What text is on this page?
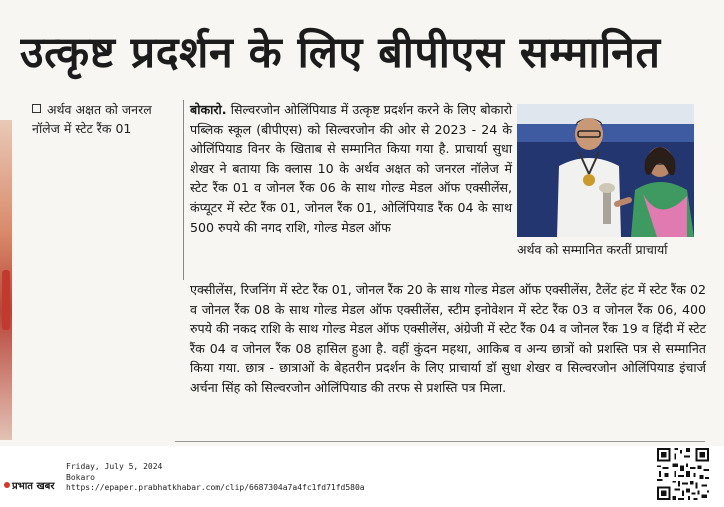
उत्कृष्ट प्रदर्शन के लिए बीपीएस सम्मानित
अर्थव अक्षत को जनरल नॉलेज में स्टेट रैंक 01

बोकारो. सिल्वरजोन ओलिंपियाड में उत्कृष्ट प्रदर्शन करने के लिए बोकारो पब्लिक स्कूल (बीपीएस) को सिल्वरजोन की ओर से 2023 - 24 के ओलिंपियाड विनर के खिताब से सम्मानित किया गया है. प्राचार्या सुधा शेखर ने बताया कि क्लास 10 के अर्थव अक्षत को जनरल नॉलेज में स्टेट रैंक 01 व जोनल रैंक 06 के साथ गोल्ड मेडल ऑफ एक्सीलेंस, कंप्यूटर में स्टेट रैंक 01, जोनल रैंक 01, ओलिंपियाड रैंक 04 के साथ 500 रुपये की नगद राशि, गोल्ड मेडल ऑफ

अर्थव को सम्मानित करतीं प्राचार्या

एक्सीलेंस, रिजनिंग में स्टेट रैंक 01, जोनल रैंक 20 के साथ गोल्ड मेडल ऑफ एक्सीलेंस, टैलेंट हंट में स्टेट रैंक 02 व जोनल रैंक 08 के साथ गोल्ड मेडल ऑफ एक्सीलेंस, स्टीम इनोवेशन में स्टेट रैंक 03 व जोनल रैंक 06, 400 रुपये की नकद राशि के साथ गोल्ड मेडल ऑफ एक्सीलेंस, अंग्रेजी में स्टेट रैंक 04 व जोनल रैंक 19 व हिंदी में स्टेट रैंक 04 व जोनल रैंक 08 हासिल हुआ है. वहीं कुंदन महथा, आकिब व अन्य छात्रों को प्रशस्ति पत्र से सम्मानित किया गया. छात्र - छात्राओं के बेहतरीन प्रदर्शन के लिए प्राचार्या डॉ सुधा शेखर व सिल्वरजोन ओलिंपियाड इंचार्ज अर्चना सिंह को सिल्वरजोन ओलिंपियाड की तरफ से प्रशस्ति पत्र मिला.

प्रभात खबर
Friday, July 5, 2024
Bokaro
https://epaper.prabhatkhabar.com/clip/6687304a7a4fc1fd71fd580a
